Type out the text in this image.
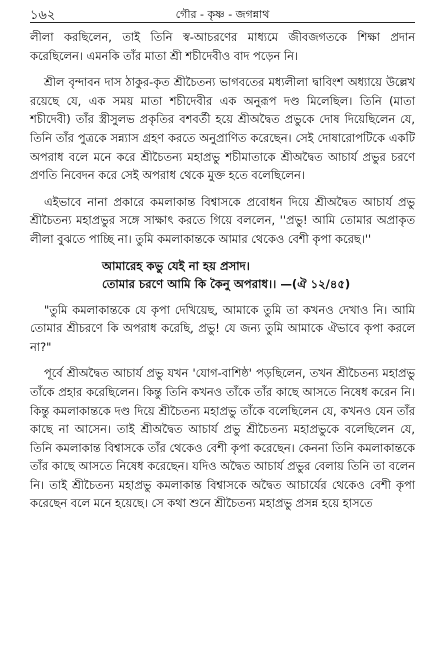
১৬২	গৌর - কৃষ্ণ - জগন্নাথ

লীলা করছিলেন, তাই তিনি স্ব-আচরণের মাধ্যমে জীবজগতকে শিক্ষা প্রদান করেছিলেন। এমনকি তাঁর মাতা শ্রী শচীদেবীও বাদ পড়েন নি।

শ্রীল বৃন্দাবন দাস ঠাকুর-কৃত শ্রীচৈতন্য ভাগবতের মধ্যলীলা দ্বাবিংশ অধ্যায়ে উল্লেখ রয়েছে যে, এক সময় মাতা শচীদেবীর এক অনুরূপ দণ্ড মিলেছিল। তিনি (মাতা শচীদেবী) তাঁর স্ত্রীসুলভ প্রকৃতির বশবর্তী হয়ে শ্রীঅদ্বৈত প্রভুকে দোষ দিয়েছিলেন যে, তিনি তাঁর পুত্রকে সন্ন্যাস গ্রহণ করতে অনুপ্রাণিত করেছেন। সেই দোষারোপটিকে একটি অপরাধ বলে মনে করে শ্রীচৈতন্য মহাপ্রভু শচীমাতাকে শ্রীঅদ্বৈত আচার্য প্রভুর চরণে প্রণতি নিবেদন করে সেই অপরাধ থেকে মুক্ত হতে বলেছিলেন।

এইভাবে নানা প্রকারে কমলাকান্ত বিশ্বাসকে প্রবোধন দিয়ে শ্রীঅদ্বৈত আচার্য প্রভু শ্রীচৈতন্য মহাপ্রভুর সঙ্গে সাক্ষাৎ করতে গিয়ে বললেন, ''প্রভু! আমি তোমার অপ্রাকৃত লীলা বুঝতে পাচ্ছি না। তুমি কমলাকান্তকে আমার থেকেও বেশী কৃপা করেছ।''

আমারেহ কভু যেই না হয় প্রসাদ।
তোমার চরণে আমি কি কৈনু অপরাধ।। —(ঐ ১২/৪৫)

"তুমি কমলাকান্তকে যে কৃপা দেখিয়েছ, আমাকে তুমি তা কখনও দেখাও নি। আমি তোমার শ্রীচরণে কি অপরাধ করেছি, প্রভু! যে জন্য তুমি আমাকে ঐভাবে কৃপা করলে না?"

পূর্বে শ্রীঅদ্বৈত আচার্য প্রভু যখন 'যোগ-বাশিষ্ঠ' পড়ছিলেন, তখন শ্রীচৈতন্য মহাপ্রভু তাঁকে প্রহার করেছিলেন। কিন্তু তিনি কখনও তাঁকে তাঁর কাছে আসতে নিষেধ করেন নি। কিন্তু কমলাকান্তকে দণ্ড দিয়ে শ্রীচৈতন্য মহাপ্রভু তাঁকে বলেছিলেন যে, কখনও যেন তাঁর কাছে না আসেন। তাই শ্রীঅদ্বৈত আচার্য প্রভু শ্রীচৈতন্য মহাপ্রভুকে বলেছিলেন যে, তিনি কমলাকান্ত বিশ্বাসকে তাঁর থেকেও বেশী কৃপা করেছেন। কেননা তিনি কমলাকান্তকে তাঁর কাছে আসতে নিষেধ করেছেন। যদিও অদ্বৈত আচার্য প্রভুর বেলায় তিনি তা বলেন নি। তাই শ্রীচৈতন্য মহাপ্রভু কমলাকান্ত বিশ্বাসকে অদ্বৈত আচার্যের থেকেও বেশী কৃপা করেছেন বলে মনে হয়েছে। সে কথা শুনে শ্রীচৈতন্য মহাপ্রভু প্রসন্ন হয়ে হাসতে
